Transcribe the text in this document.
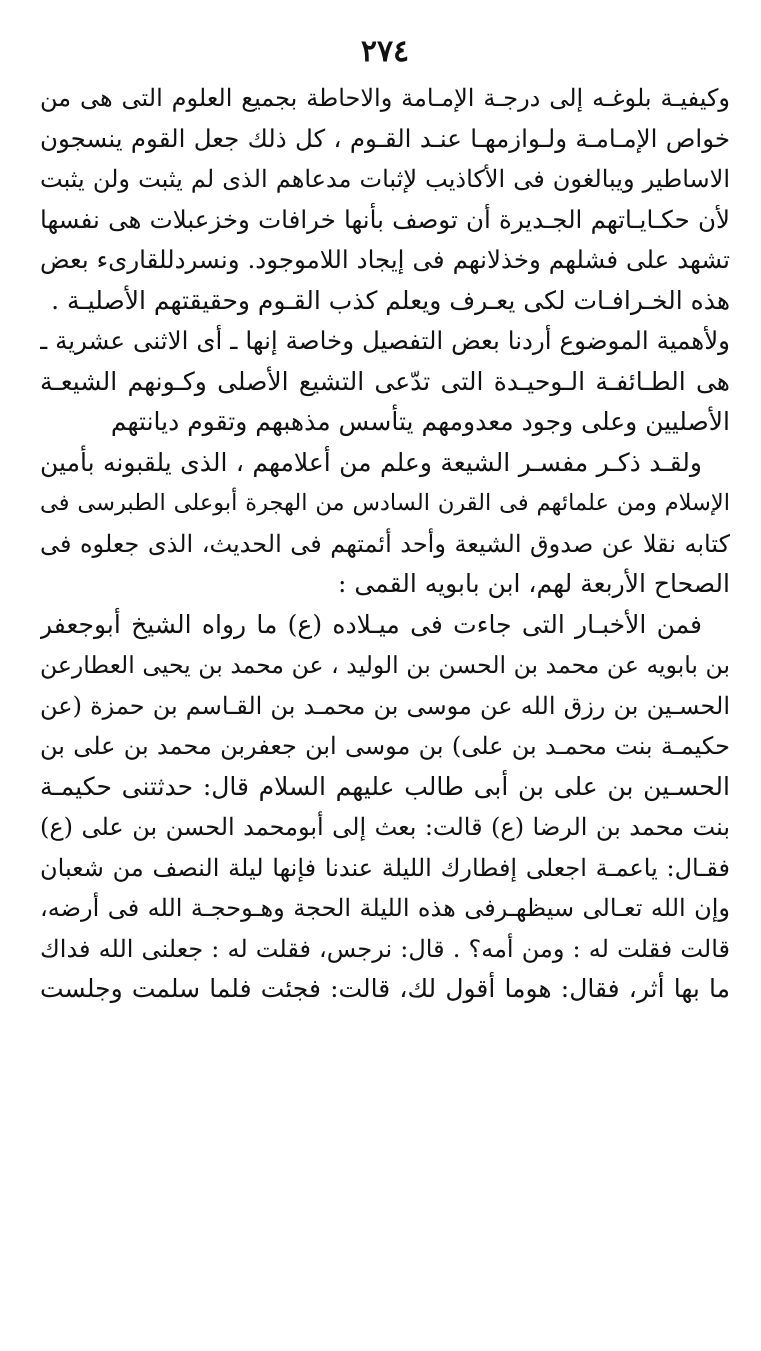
٢٧٤
وكيفيـة بلوغـه إلى درجـة الإمـامة والاحاطة بجميع العلوم التى هى من
خواص الإمـامـة ولـوازمهـا عنـد القـوم ، كل ذلك جعل القوم ينسجون
الاساطير ويبالغون فى الأكاذيب لإثبات مدعاهم الذى لم يثبت ولن يثبت
لأن حكـايـاتهم الجـديرة أن توصف بأنها خرافات وخزعبلات هى نفسها
تشهد على فشلهم وخذلانهم فى إيجاد اللاموجود. ونسردللقارىء بعض
هذه الخـرافـات لكى يعـرف ويعلم كذب القـوم وحقيقتهم الأصليـة .
ولأهمية الموضوع أردنا بعض التفصيل وخاصة إنها ـ أى الاثنى عشرية ـ
هى الطـائفـة الـوحيـدة التى تدّعى التشيع الأصلى وكـونهم الشيعـة
الأصليين وعلى وجود معدومهم يتأسس مذهبهم وتقوم ديانتهم
ولقـد ذكـر مفسـر الشيعة وعلم من أعلامهم ، الذى يلقبونه بأمين
الإسلام ومن علمائهم فى القرن السادس من الهجرة أبوعلى الطبرسى فى
كتابه نقلا عن صدوق الشيعة وأحد أئمتهم فى الحديث، الذى جعلوه فى
الصحاح الأربعة لهم، ابن بابويه القمى :
فمن الأخبـار التى جاءت فى ميـلاده (ع) ما رواه الشيخ أبوجعفر
بن بابويه عن محمد بن الحسن بن الوليد ، عن محمد بن يحيى العطارعن
الحسـين بن رزق الله عن موسى بن محمـد بن القـاسم بن حمزة (عن
حكيمـة بنت محمـد بن على) بن موسى ابن جعفربن محمد بن على بن
الحسـين بن على بن أبى طالب عليهم السلام قال: حدثتنى حكيمـة
بنت محمد بن الرضا (ع) قالت: بعث إلى أبومحمد الحسن بن على (ع)
فقـال: ياعمـة اجعلى إفطارك الليلة عندنا فإنها ليلة النصف من شعبان
وإن الله تعـالى سيظهـرفى هذه الليلة الحجة وهـوحجـة الله فى أرضه،
قالت فقلت له : ومن أمه؟ . قال: نرجس، فقلت له : جعلنى الله فداك
ما بها أثر، فقال: هوما أقول لك، قالت: فجئت فلما سلمت وجلست
